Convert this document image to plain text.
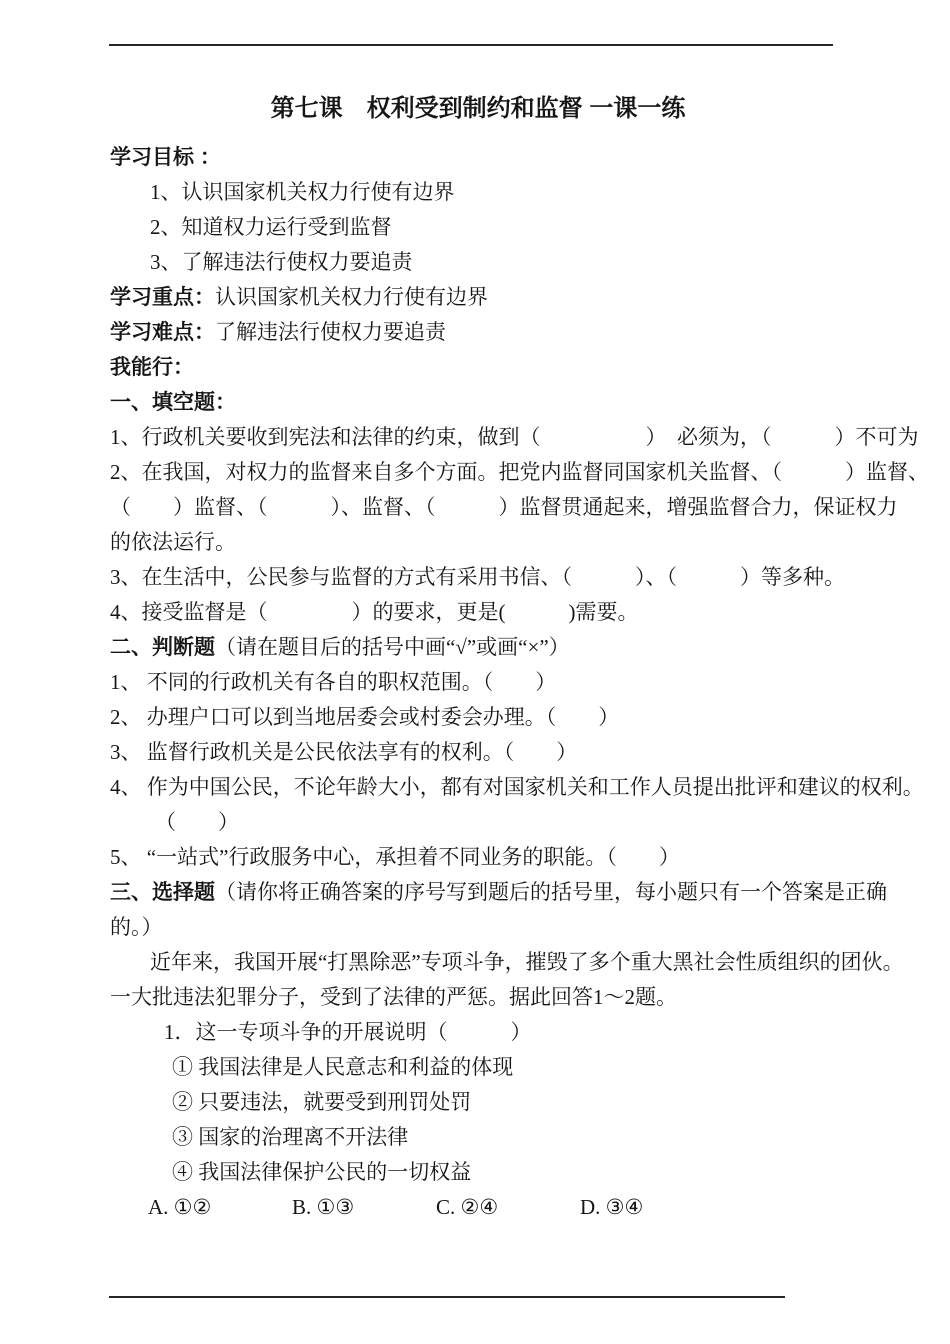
第七课　权利受到制约和监督 一课一练
学习目标 ：
1、认识国家机关权力行使有边界
2、知道权力运行受到监督
3、了解违法行使权力要追责
学习重点：认识国家机关权力行使有边界
学习难点：了解违法行使权力要追责
我能行：
一、填空题：
1、行政机关要收到宪法和法律的约束，做到（　　　　　）　必须为，（　　　）不可为
2、在我国，对权力的监督来自多个方面。把党内监督同国家机关监督、（　　　）监督、
（　　）监督、（　　　）、监督、（　　　）监督贯通起来，增强监督合力，保证权力
的依法运行。
3、在生活中，公民参与监督的方式有采用书信、（　　　）、（　　　）等多种。
4、接受监督是（　　　　）的要求，更是(　　　)需要。
二、判断题（请在题目后的括号中画“√”或画“×”）
1、 不同的行政机关有各自的职权范围。（　　）
2、 办理户口可以到当地居委会或村委会办理。（　　）
3、 监督行政机关是公民依法享有的权利。（　　）
4、 作为中国公民，不论年龄大小，都有对国家机关和工作人员提出批评和建议的权利。
（　　）
5、 “一站式”行政服务中心，承担着不同业务的职能。（　　）
三、选择题（请你将正确答案的序号写到题后的括号里，每小题只有一个答案是正确
的。）
近年来，我国开展“打黑除恶”专项斗争，摧毁了多个重大黑社会性质组织的团伙。
一大批违法犯罪分子，受到了法律的严惩。据此回答1～2题。
1．这一专项斗争的开展说明（　　　）
① 我国法律是人民意志和利益的体现
② 只要违法，就要受到刑罚处罚
③ 国家的治理离不开法律
④ 我国法律保护公民的一切权益
A. ①②	B. ①③	C. ②④	D. ③④
